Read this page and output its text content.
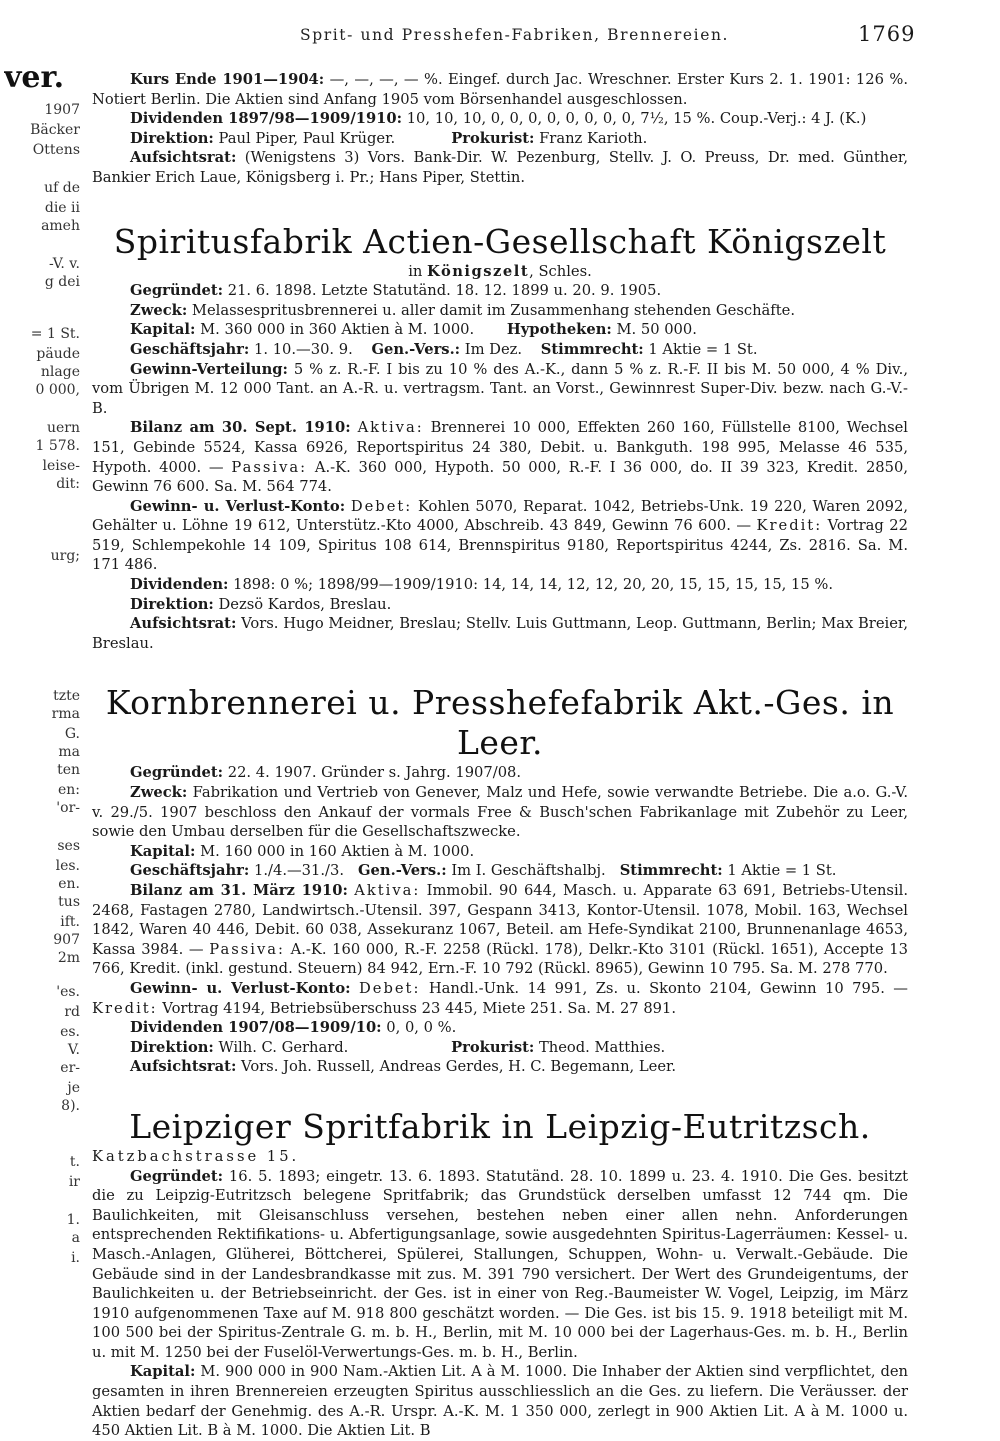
Sprit- und Presshefen-Fabriken, Brennereien.	1769
ver.
1907
Bäcker
Ottens
uf de
die ii
ameh
-V. v.
g dei
= 1 St.
päude
nlage
0 000,
uern
1 578.
leise-
dit:
urg;
tzte
rma
G.
ma
ten
en:
'or-
ses
les.
en.
tus
ift.
907
2m
'es.
rd
es.
V.
er-
je
8).
t.
ir
1.
a
i.

Kurs Ende 1901—1904: —, —, —, — %. Eingef. durch Jac. Wreschner. Erster Kurs 2. 1. 1901: 126 %. Notiert Berlin. Die Aktien sind Anfang 1905 vom Börsenhandel ausgeschlossen.

Dividenden 1897/98—1909/1910: 10, 10, 10, 0, 0, 0, 0, 0, 0, 0, 0, 7½, 15 %. Coup.-Verj.: 4 J. (K.)

Direktion: Paul Piper, Paul Krüger.	Prokurist: Franz Karioth.

Aufsichtsrat: (Wenigstens 3) Vors. Bank-Dir. W. Pezenburg, Stellv. J. O. Preuss, Dr. med. Günther, Bankier Erich Laue, Königsberg i. Pr.; Hans Piper, Stettin.

Spiritusfabrik Actien-Gesellschaft Königszelt

in Königszelt, Schles.

Gegründet: 21. 6. 1898. Letzte Statutänd. 18. 12. 1899 u. 20. 9. 1905.

Zweck: Melassespritusbrennerei u. aller damit im Zusammenhang stehenden Geschäfte.

Kapital: M. 360 000 in 360 Aktien à M. 1000. Hypotheken: M. 50 000.

Geschäftsjahr: 1. 10.—30. 9. Gen.-Vers.: Im Dez. Stimmrecht: 1 Aktie = 1 St.

Gewinn-Verteilung: 5 % z. R.-F. I bis zu 10 % des A.-K., dann 5 % z. R.-F. II bis M. 50 000, 4 % Div., vom Übrigen M. 12 000 Tant. an A.-R. u. vertragsm. Tant. an Vorst., Gewinnrest Super-Div. bezw. nach G.-V.-B.

Bilanz am 30. Sept. 1910: Aktiva: Brennerei 10 000, Effekten 260 160, Füllstelle 8100, Wechsel 151, Gebinde 5524, Kassa 6926, Reportspiritus 24 380, Debit. u. Bankguth. 198 995, Melasse 46 535, Hypoth. 4000. — Passiva: A.-K. 360 000, Hypoth. 50 000, R.-F. I 36 000, do. II 39 323, Kredit. 2850, Gewinn 76 600. Sa. M. 564 774.

Gewinn- u. Verlust-Konto: Debet: Kohlen 5070, Reparat. 1042, Betriebs-Unk. 19 220, Waren 2092, Gehälter u. Löhne 19 612, Unterstütz.-Kto 4000, Abschreib. 43 849, Gewinn 76 600. — Kredit: Vortrag 22 519, Schlempekohle 14 109, Spiritus 108 614, Brennspiritus 9180, Reportspiritus 4244, Zs. 2816. Sa. M. 171 486.

Dividenden: 1898: 0 %; 1898/99—1909/1910: 14, 14, 14, 12, 12, 20, 20, 15, 15, 15, 15, 15 %.

Direktion: Dezsö Kardos, Breslau.

Aufsichtsrat: Vors. Hugo Meidner, Breslau; Stellv. Luis Guttmann, Leop. Guttmann, Berlin; Max Breier, Breslau.

Kornbrennerei u. Presshefefabrik Akt.-Ges. in Leer.

Gegründet: 22. 4. 1907. Gründer s. Jahrg. 1907/08.

Zweck: Fabrikation und Vertrieb von Genever, Malz und Hefe, sowie verwandte Betriebe. Die a.o. G.-V. v. 29./5. 1907 beschloss den Ankauf der vormals Free & Busch'schen Fabrikanlage mit Zubehör zu Leer, sowie den Umbau derselben für die Gesellschaftszwecke.

Kapital: M. 160 000 in 160 Aktien à M. 1000.

Geschäftsjahr: 1./4.—31./3. Gen.-Vers.: Im I. Geschäftshalbj. Stimmrecht: 1 Aktie = 1 St.

Bilanz am 31. März 1910: Aktiva: Immobil. 90 644, Masch. u. Apparate 63 691, Betriebs-Utensil. 2468, Fastagen 2780, Landwirtsch.-Utensil. 397, Gespann 3413, Kontor-Utensil. 1078, Mobil. 163, Wechsel 1842, Waren 40 446, Debit. 60 038, Assekuranz 1067, Beteil. am Hefe-Syndikat 2100, Brunnenanlage 4653, Kassa 3984. — Passiva: A.-K. 160 000, R.-F. 2258 (Rückl. 178), Delkr.-Kto 3101 (Rückl. 1651), Accepte 13 766, Kredit. (inkl. gestund. Steuern) 84 942, Ern.-F. 10 792 (Rückl. 8965), Gewinn 10 795. Sa. M. 278 770.

Gewinn- u. Verlust-Konto: Debet: Handl.-Unk. 14 991, Zs. u. Skonto 2104, Gewinn 10 795. — Kredit: Vortrag 4194, Betriebsüberschuss 23 445, Miete 251. Sa. M. 27 891.

Dividenden 1907/08—1909/10: 0, 0, 0 %.

Direktion: Wilh. C. Gerhard.	Prokurist: Theod. Matthies.

Aufsichtsrat: Vors. Joh. Russell, Andreas Gerdes, H. C. Begemann, Leer.

Leipziger Spritfabrik in Leipzig-Eutritzsch.

Katzbachstrasse 15.

Gegründet: 16. 5. 1893; eingetr. 13. 6. 1893. Statutänd. 28. 10. 1899 u. 23. 4. 1910. Die Ges. besitzt die zu Leipzig-Eutritzsch belegene Spritfabrik; das Grundstück derselben umfasst 12 744 qm. Die Baulichkeiten, mit Gleisanschluss versehen, bestehen neben einer allen nehn. Anforderungen entsprechenden Rektifikations- u. Abfertigungsanlage, sowie ausgedehnten Spiritus-Lagerräumen: Kessel- u. Masch.-Anlagen, Glüherei, Böttcherei, Spülerei, Stallungen, Schuppen, Wohn- u. Verwalt.-Gebäude. Die Gebäude sind in der Landesbrandkasse mit zus. M. 391 790 versichert. Der Wert des Grundeigentums, der Baulichkeiten u. der Betriebseinricht. der Ges. ist in einer von Reg.-Baumeister W. Vogel, Leipzig, im März 1910 aufgenommenen Taxe auf M. 918 800 geschätzt worden. — Die Ges. ist bis 15. 9. 1918 beteiligt mit M. 100 500 bei der Spiritus-Zentrale G. m. b. H., Berlin, mit M. 10 000 bei der Lagerhaus-Ges. m. b. H., Berlin u. mit M. 1250 bei der Fuselöl-Verwertungs-Ges. m. b. H., Berlin.

Kapital: M. 900 000 in 900 Nam.-Aktien Lit. A à M. 1000. Die Inhaber der Aktien sind verpflichtet, den gesamten in ihren Brennereien erzeugten Spiritus ausschliesslich an die Ges. zu liefern. Die Veräusser. der Aktien bedarf der Genehmig. des A.-R. Urspr. A.-K. M. 1 350 000, zerlegt in 900 Aktien Lit. A à M. 1000 u. 450 Aktien Lit. B à M. 1000. Die Aktien Lit. B
